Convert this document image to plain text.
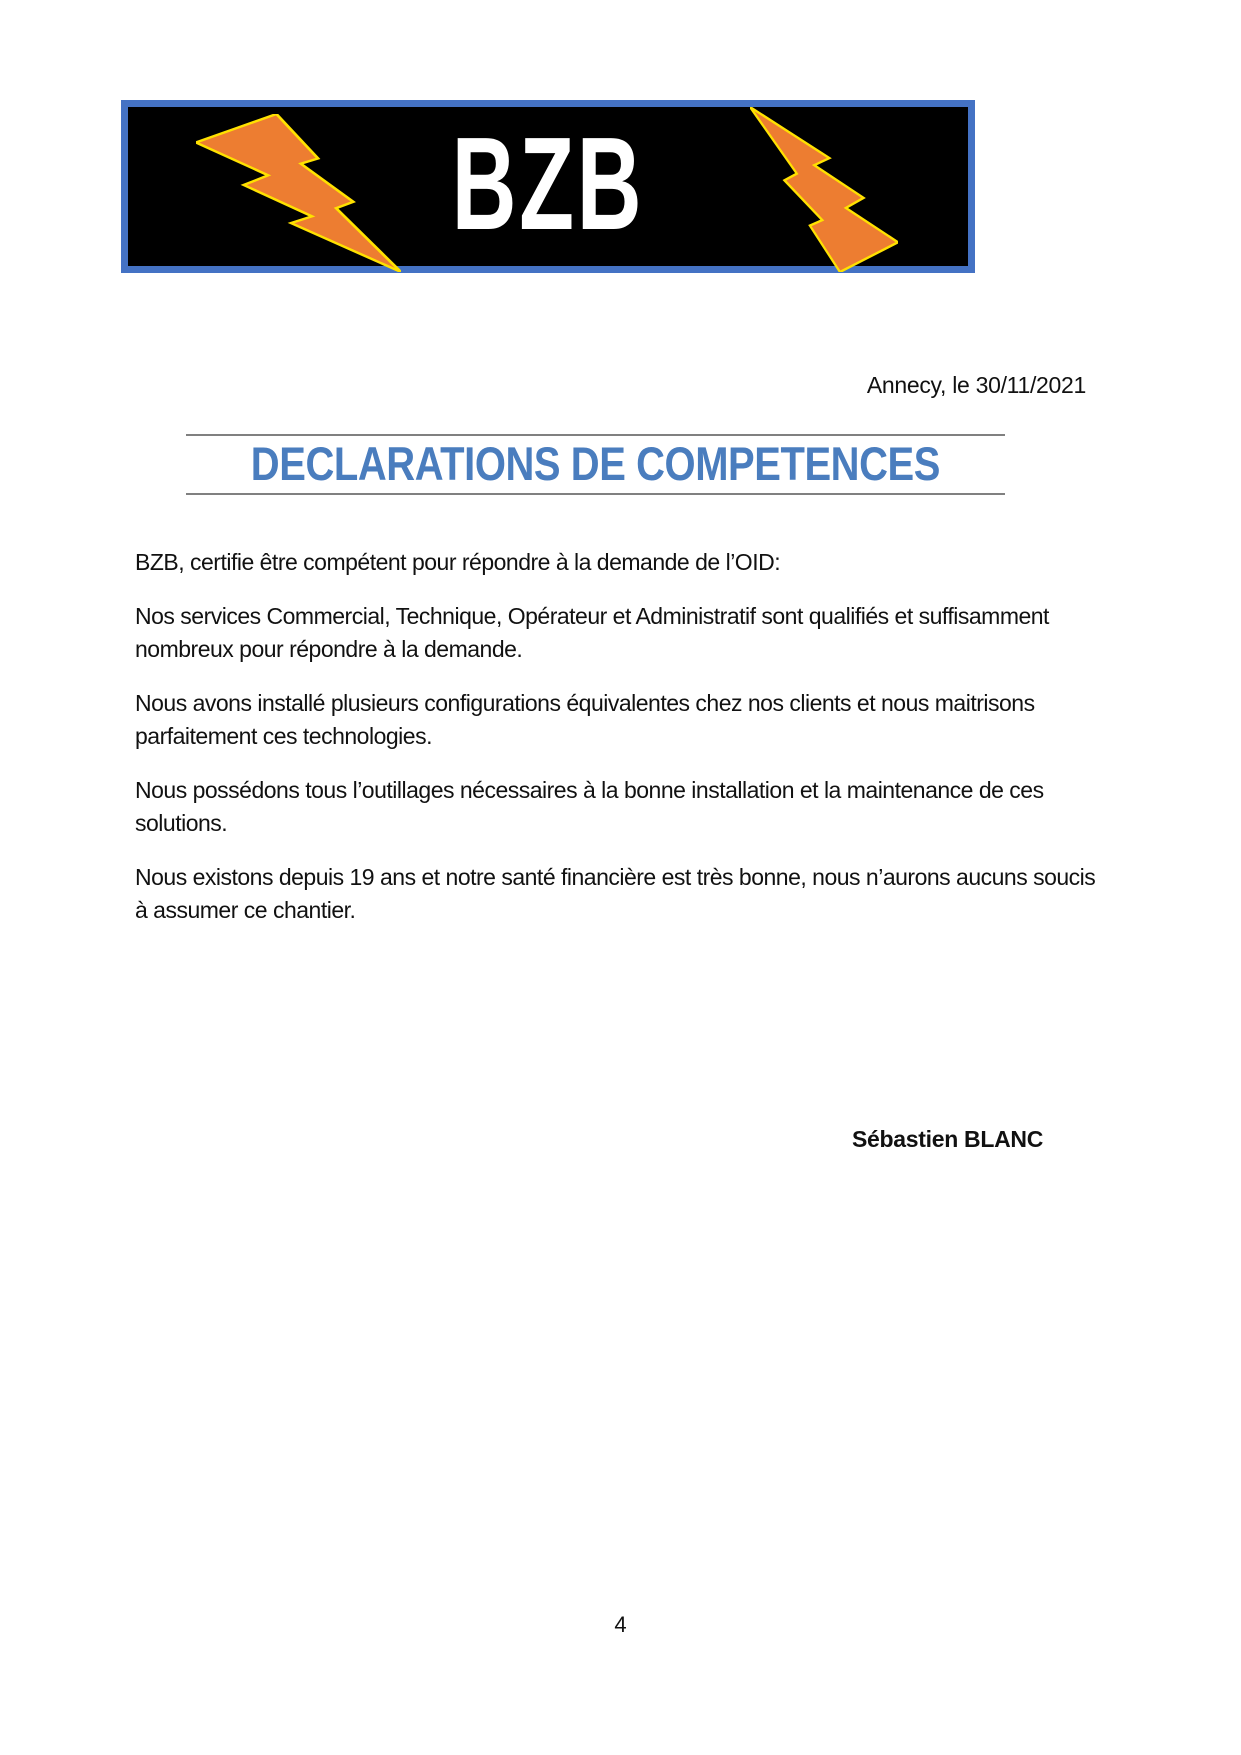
BZB
Annecy, le 30/11/2021
DECLARATIONS DE COMPETENCES

BZB, certifie être compétent pour répondre à la demande de l’OID:

Nos services Commercial, Technique, Opérateur et Administratif sont qualifiés et suffisamment nombreux pour répondre à la demande.

Nous avons installé plusieurs configurations équivalentes chez nos clients et nous maitrisons parfaitement ces technologies.

Nous possédons tous l’outillages nécessaires à la bonne installation et la maintenance de ces solutions.

Nous existons depuis 19 ans et notre santé financière est très bonne, nous n’aurons aucuns soucis à assumer ce chantier.

Sébastien BLANC
4
